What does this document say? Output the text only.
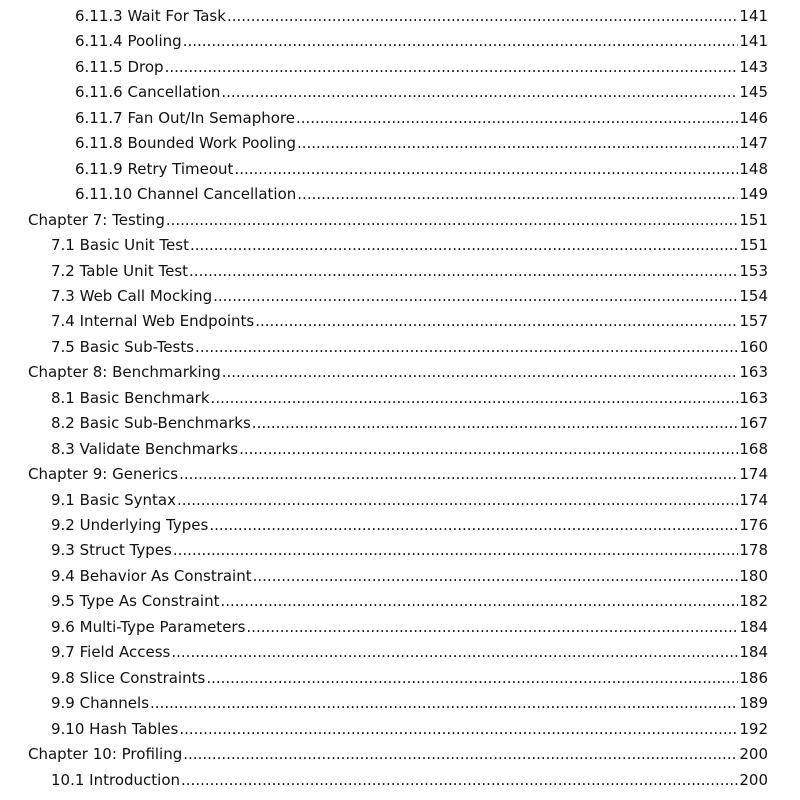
6.11.3 Wait For Task .....	141
6.11.4 Pooling .....	141
6.11.5 Drop .....	143
6.11.6 Cancellation .....	145
6.11.7 Fan Out/In Semaphore .....	146
6.11.8 Bounded Work Pooling .....	147
6.11.9 Retry Timeout .....	148
6.11.10 Channel Cancellation .....	149
Chapter 7: Testing .....	151
7.1 Basic Unit Test .....	151
7.2 Table Unit Test .....	153
7.3 Web Call Mocking .....	154
7.4 Internal Web Endpoints .....	157
7.5 Basic Sub-Tests .....	160
Chapter 8: Benchmarking .....	163
8.1 Basic Benchmark .....	163
8.2 Basic Sub-Benchmarks .....	167
8.3 Validate Benchmarks .....	168
Chapter 9: Generics .....	174
9.1 Basic Syntax .....	174
9.2 Underlying Types .....	176
9.3 Struct Types .....	178
9.4 Behavior As Constraint .....	180
9.5 Type As Constraint .....	182
9.6 Multi-Type Parameters .....	184
9.7 Field Access .....	184
9.8 Slice Constraints .....	186
9.9 Channels .....	189
9.10 Hash Tables .....	192
Chapter 10: Profiling .....	200
10.1 Introduction .....	200
